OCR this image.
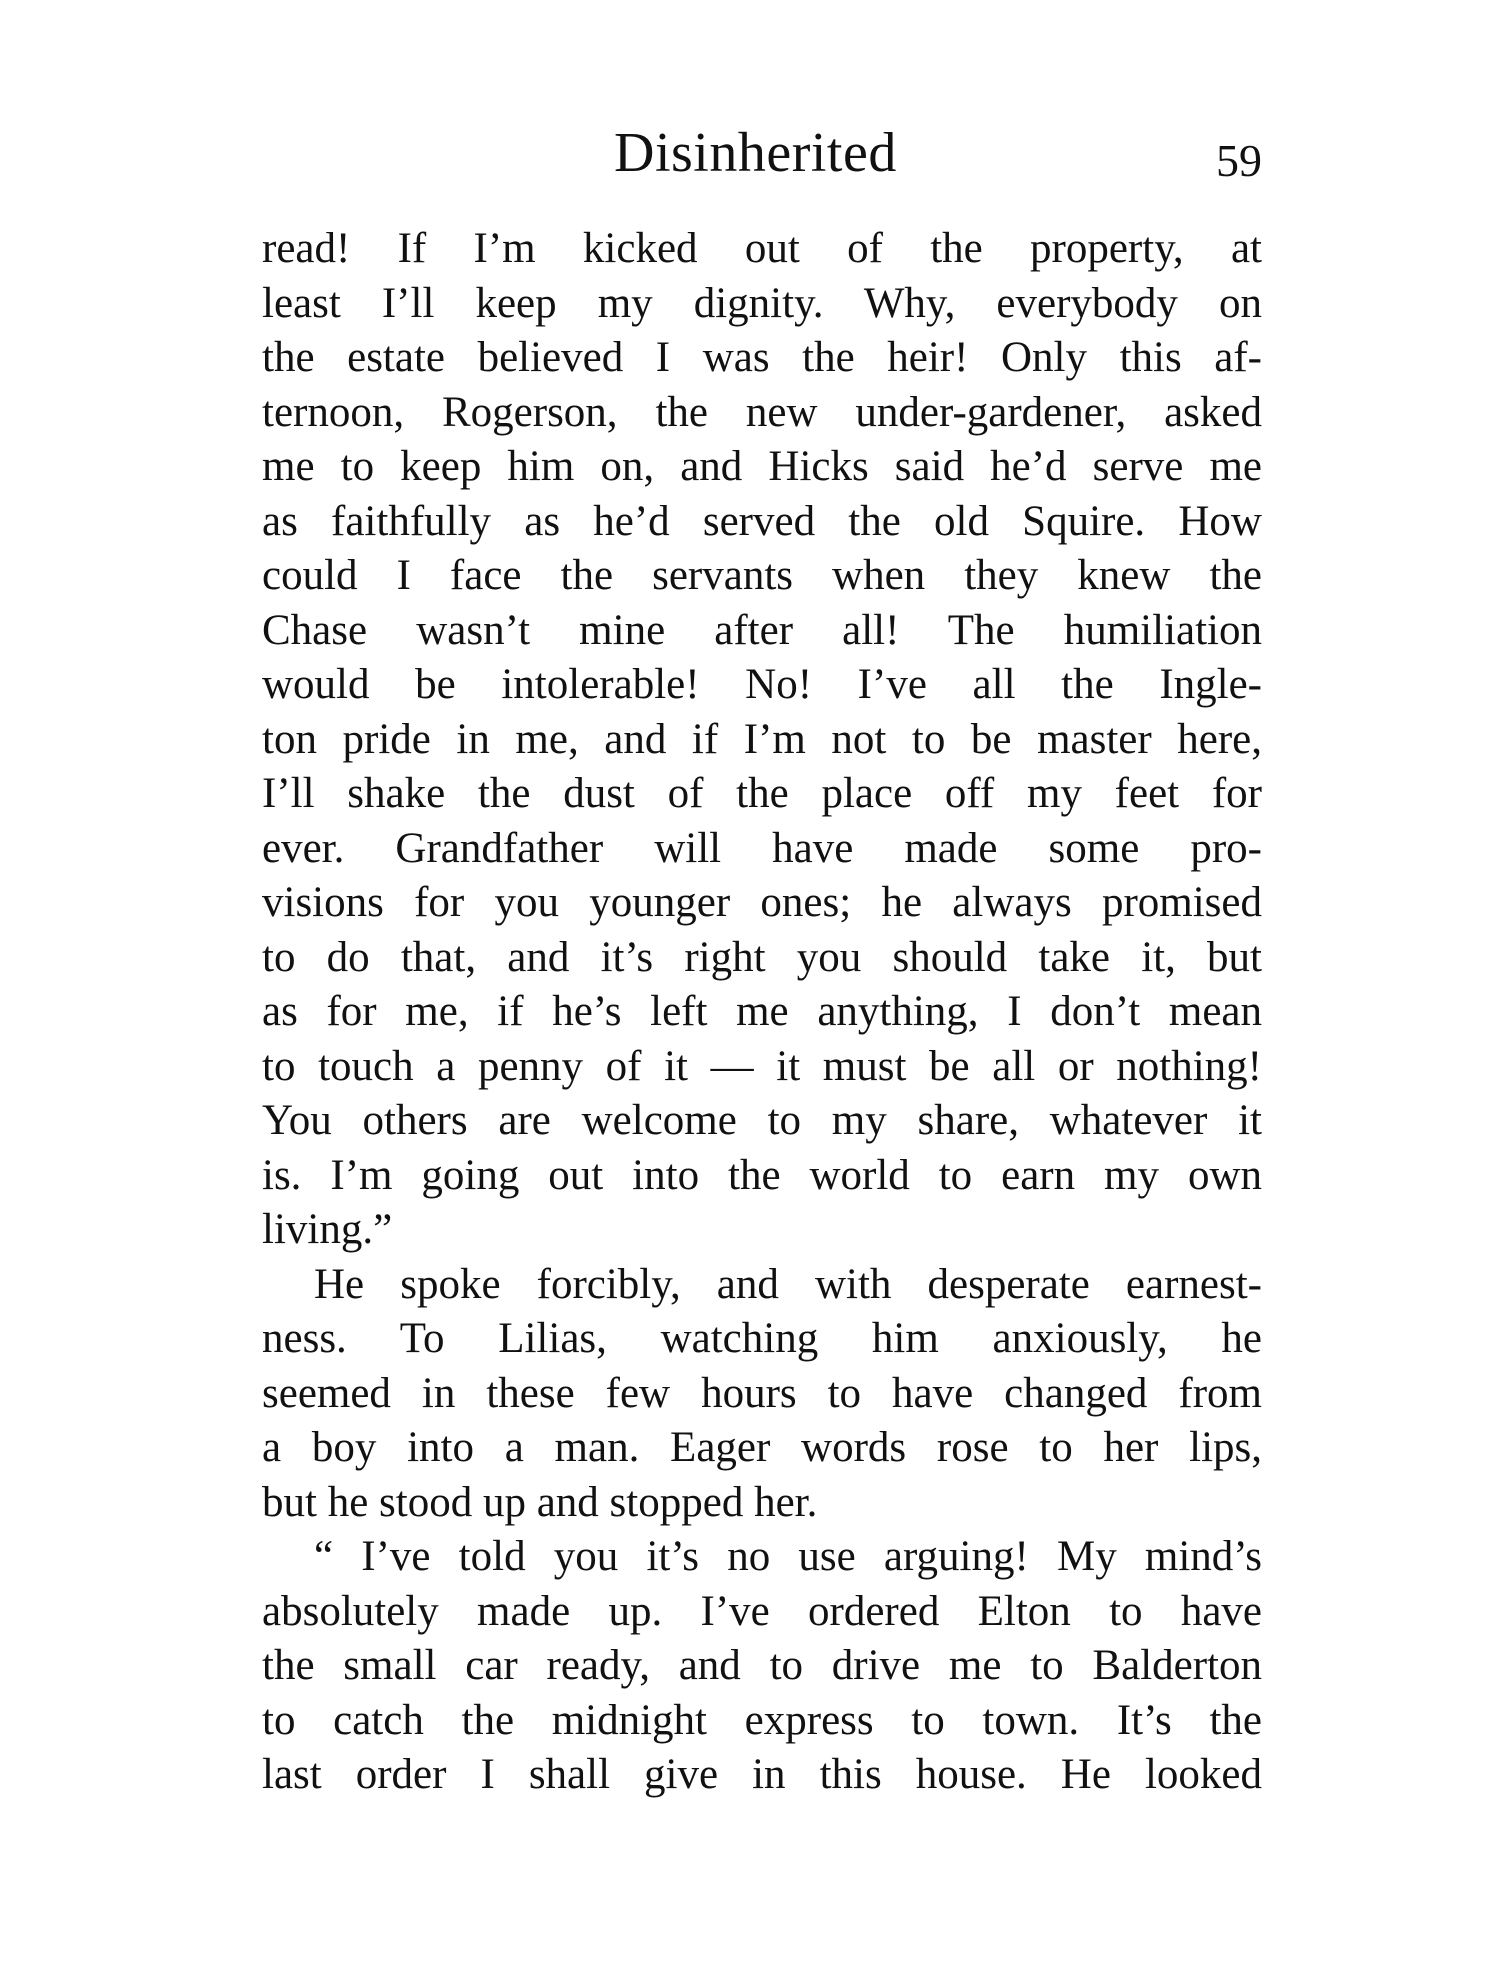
Disinherited	59
read! If I’m kicked out of the property, at
least I’ll keep my dignity. Why, everybody on
the estate believed I was the heir! Only this af-
ternoon, Rogerson, the new under-gardener, asked
me to keep him on, and Hicks said he’d serve me
as faithfully as he’d served the old Squire. How
could I face the servants when they knew the
Chase wasn’t mine after all! The humiliation
would be intolerable! No! I’ve all the Ingle-
ton pride in me, and if I’m not to be master here,
I’ll shake the dust of the place off my feet for
ever. Grandfather will have made some pro-
visions for you younger ones; he always promised
to do that, and it’s right you should take it, but
as for me, if he’s left me anything, I don’t mean
to touch a penny of it — it must be all or nothing!
You others are welcome to my share, whatever it
is. I’m going out into the world to earn my own
living.”
He spoke forcibly, and with desperate earnest-
ness. To Lilias, watching him anxiously, he
seemed in these few hours to have changed from
a boy into a man. Eager words rose to her lips,
but he stood up and stopped her.
“ I’ve told you it’s no use arguing! My mind’s
absolutely made up. I’ve ordered Elton to have
the small car ready, and to drive me to Balderton
to catch the midnight express to town. It’s the
last order I shall give in this house. He looked
